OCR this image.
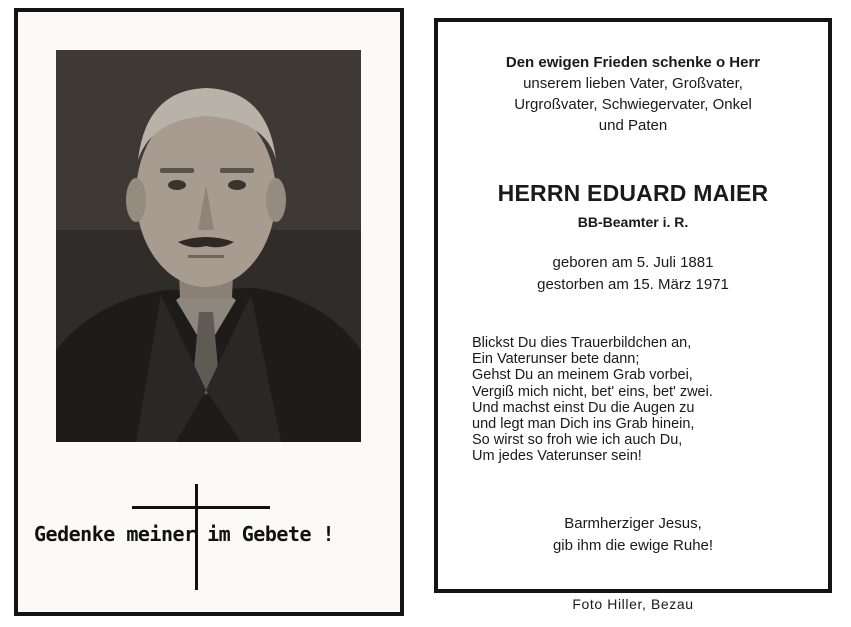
Gedenke meiner im Gebete !
Den ewigen Frieden schenke o Herr
unserem lieben Vater, Großvater,
Urgroßvater, Schwiegervater, Onkel
und Paten
HERRN EDUARD MAIER
BB-Beamter i. R.
geboren am 5. Juli 1881
gestorben am 15. März 1971
Blickst Du dies Trauerbildchen an,
Ein Vaterunser bete dann;
Gehst Du an meinem Grab vorbei,
Vergiß mich nicht, bet' eins, bet' zwei.
Und machst einst Du die Augen zu
und legt man Dich ins Grab hinein,
So wirst so froh wie ich auch Du,
Um jedes Vaterunser sein!
Barmherziger Jesus,
gib ihm die ewige Ruhe!
Foto Hiller, Bezau
